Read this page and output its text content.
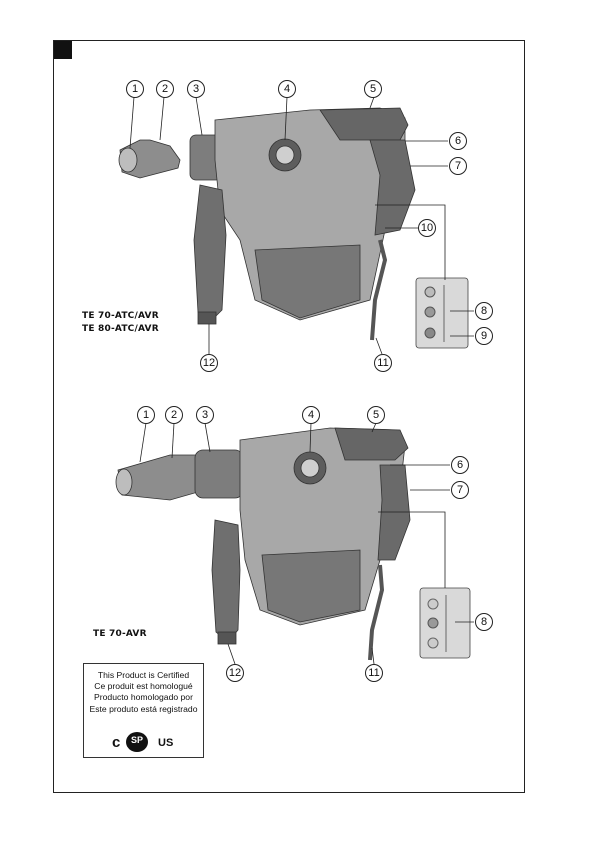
1	2	3	4	5
6
7
8
9
10
11
12
TE 70-ATC/AVR
TE 80-ATC/AVR
1	2	3	4	5
6
7
8
11
12
TE 70-AVR
This Product is Certified
Ce produit est homologué
Producto homologado por
Este produto está registrado
c	SP	US
